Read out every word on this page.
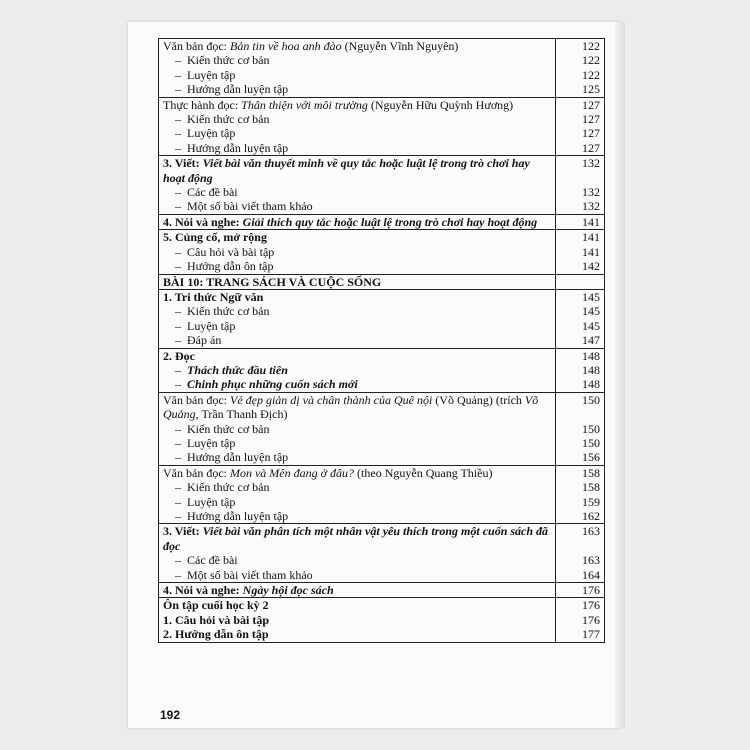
Văn bản đọc: Bản tin về hoa anh đào (Nguyễn Vĩnh Nguyên)	122
– Kiến thức cơ bản	122
– Luyện tập	122
– Hướng dẫn luyện tập	125
Thực hành đọc: Thân thiện với môi trường (Nguyễn Hữu Quỳnh Hương)	127
– Kiến thức cơ bản	127
– Luyện tập	127
– Hướng dẫn luyện tập	127
3. Viết: Viết bài văn thuyết minh về quy tắc hoặc luật lệ trong trò chơi hay hoạt động	132
– Các đề bài	132
– Một số bài viết tham khảo	132
4. Nói và nghe: Giải thích quy tắc hoặc luật lệ trong trò chơi hay hoạt động	141
5. Củng cố, mở rộng	141
– Câu hỏi và bài tập	141
– Hướng dẫn ôn tập	142
BÀI 10: TRANG SÁCH VÀ CUỘC SỐNG	
1. Tri thức Ngữ văn	145
– Kiến thức cơ bản	145
– Luyện tập	145
– Đáp án	147
2. Đọc	148
– Thách thức đầu tiên	148
– Chinh phục những cuốn sách mới	148
Văn bản đọc: Vẻ đẹp giản dị và chân thành của Quê nội (Võ Quảng) (trích Võ Quảng, Trần Thanh Địch)	150
– Kiến thức cơ bản	150
– Luyện tập	150
– Hướng dẫn luyện tập	156
Văn bản đọc: Mon và Mên đang ở đâu? (theo Nguyễn Quang Thiều)	158
– Kiến thức cơ bản	158
– Luyện tập	159
– Hướng dẫn luyện tập	162
3. Viết: Viết bài văn phân tích một nhân vật yêu thích trong một cuốn sách đã đọc	163
– Các đề bài	163
– Một số bài viết tham khảo	164
4. Nói và nghe: Ngày hội đọc sách	176
Ôn tập cuối học kỳ 2	176
1. Câu hỏi và bài tập	176
2. Hướng dẫn ôn tập	177
192
